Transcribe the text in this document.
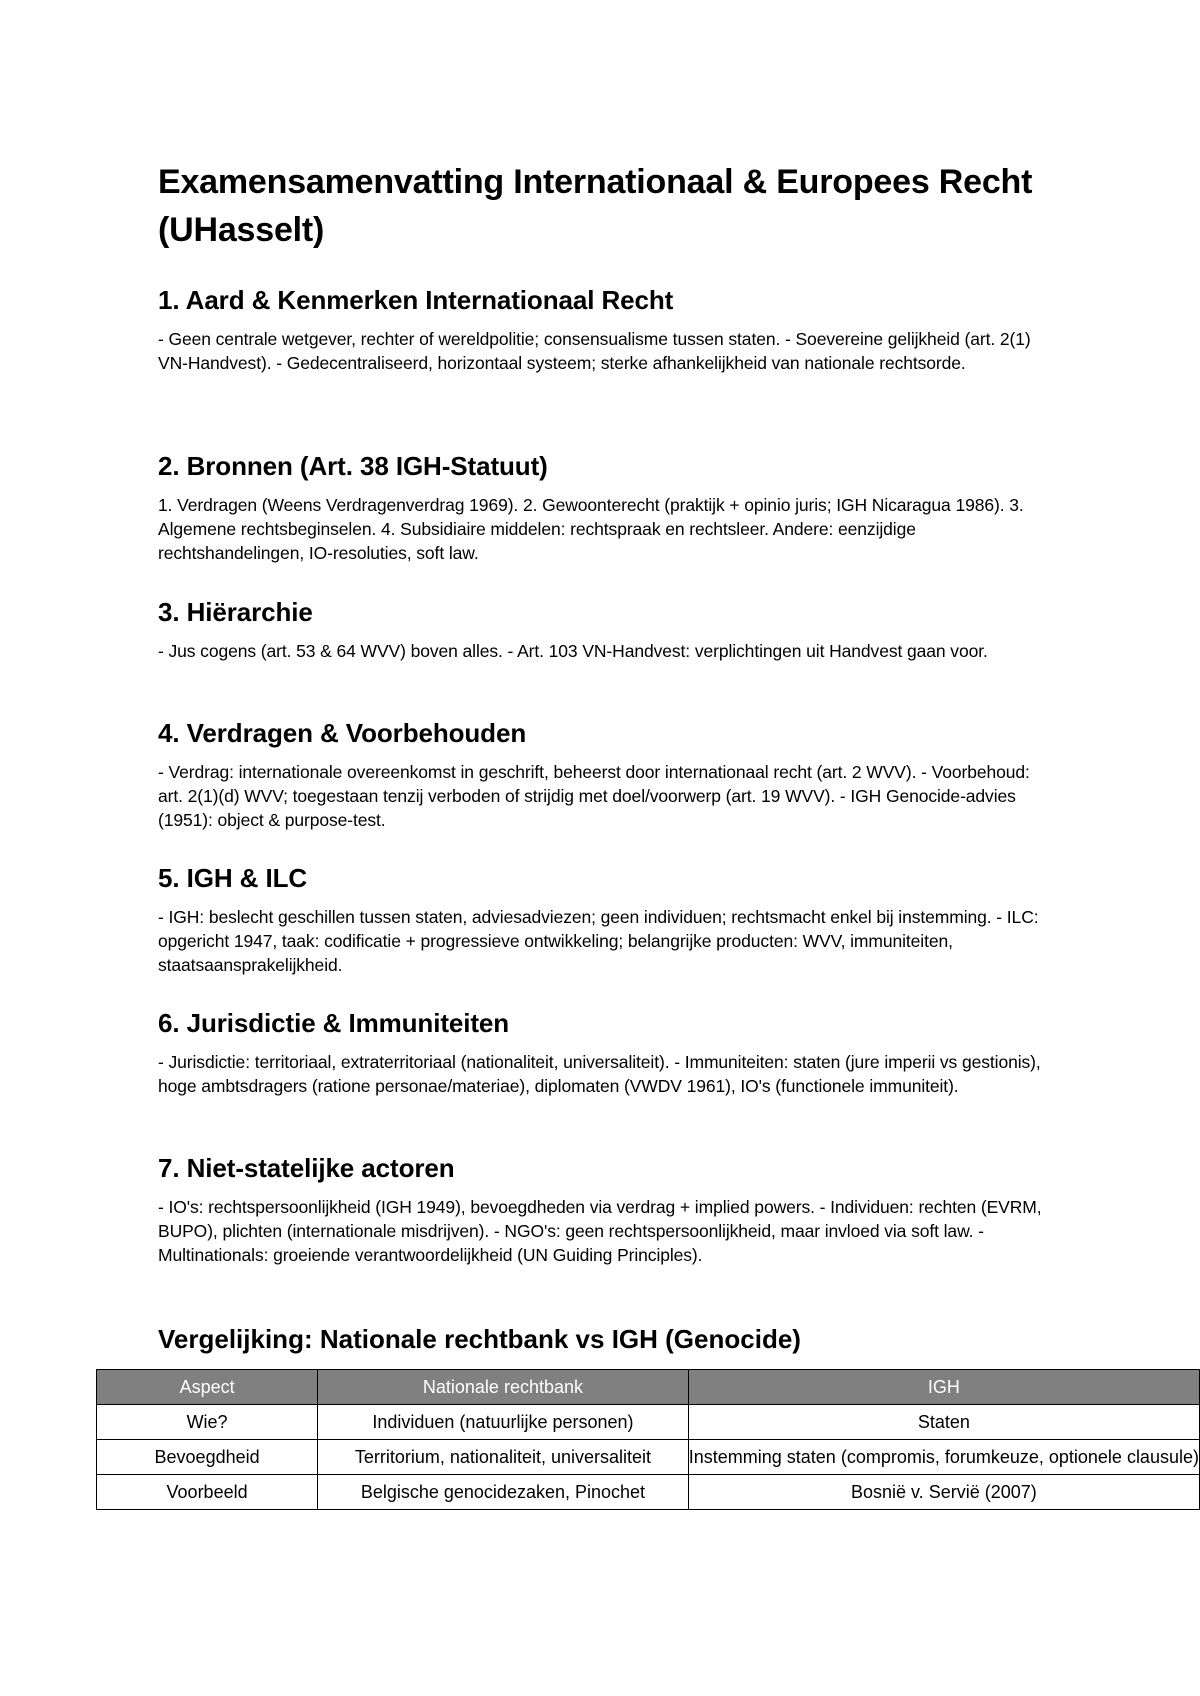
Examensamenvatting Internationaal & Europees Recht (UHasselt)
1. Aard & Kenmerken Internationaal Recht

- Geen centrale wetgever, rechter of wereldpolitie; consensualisme tussen staten. - Soevereine gelijkheid (art. 2(1) VN-Handvest). - Gedecentraliseerd, horizontaal systeem; sterke afhankelijkheid van nationale rechtsorde.

2. Bronnen (Art. 38 IGH-Statuut)

1. Verdragen (Weens Verdragenverdrag 1969). 2. Gewoonterecht (praktijk + opinio juris; IGH Nicaragua 1986). 3. Algemene rechtsbeginselen. 4. Subsidiaire middelen: rechtspraak en rechtsleer. Andere: eenzijdige rechtshandelingen, IO-resoluties, soft law.

3. Hiërarchie

- Jus cogens (art. 53 & 64 WVV) boven alles. - Art. 103 VN-Handvest: verplichtingen uit Handvest gaan voor.

4. Verdragen & Voorbehouden

- Verdrag: internationale overeenkomst in geschrift, beheerst door internationaal recht (art. 2 WVV). - Voorbehoud: art. 2(1)(d) WVV; toegestaan tenzij verboden of strijdig met doel/voorwerp (art. 19 WVV). - IGH Genocide-advies (1951): object & purpose-test.

5. IGH & ILC

- IGH: beslecht geschillen tussen staten, adviesadviezen; geen individuen; rechtsmacht enkel bij instemming. - ILC: opgericht 1947, taak: codificatie + progressieve ontwikkeling; belangrijke producten: WVV, immuniteiten, staatsaansprakelijkheid.

6. Jurisdictie & Immuniteiten

- Jurisdictie: territoriaal, extraterritoriaal (nationaliteit, universaliteit). - Immuniteiten: staten (jure imperii vs gestionis), hoge ambtsdragers (ratione personae/materiae), diplomaten (VWDV 1961), IO's (functionele immuniteit).

7. Niet-statelijke actoren

- IO's: rechtspersoonlijkheid (IGH 1949), bevoegdheden via verdrag + implied powers. - Individuen: rechten (EVRM, BUPO), plichten (internationale misdrijven). - NGO's: geen rechtspersoonlijkheid, maar invloed via soft law. - Multinationals: groeiende verantwoordelijkheid (UN Guiding Principles).

Vergelijking: Nationale rechtbank vs IGH (Genocide)
Aspect	Nationale rechtbank	IGH
Wie?	Individuen (natuurlijke personen)	Staten
Bevoegdheid	Territorium, nationaliteit, universaliteit	Instemming staten (compromis, forumkeuze, optionele clausule)
Voorbeeld	Belgische genocidezaken, Pinochet	Bosnië v. Servië (2007)
